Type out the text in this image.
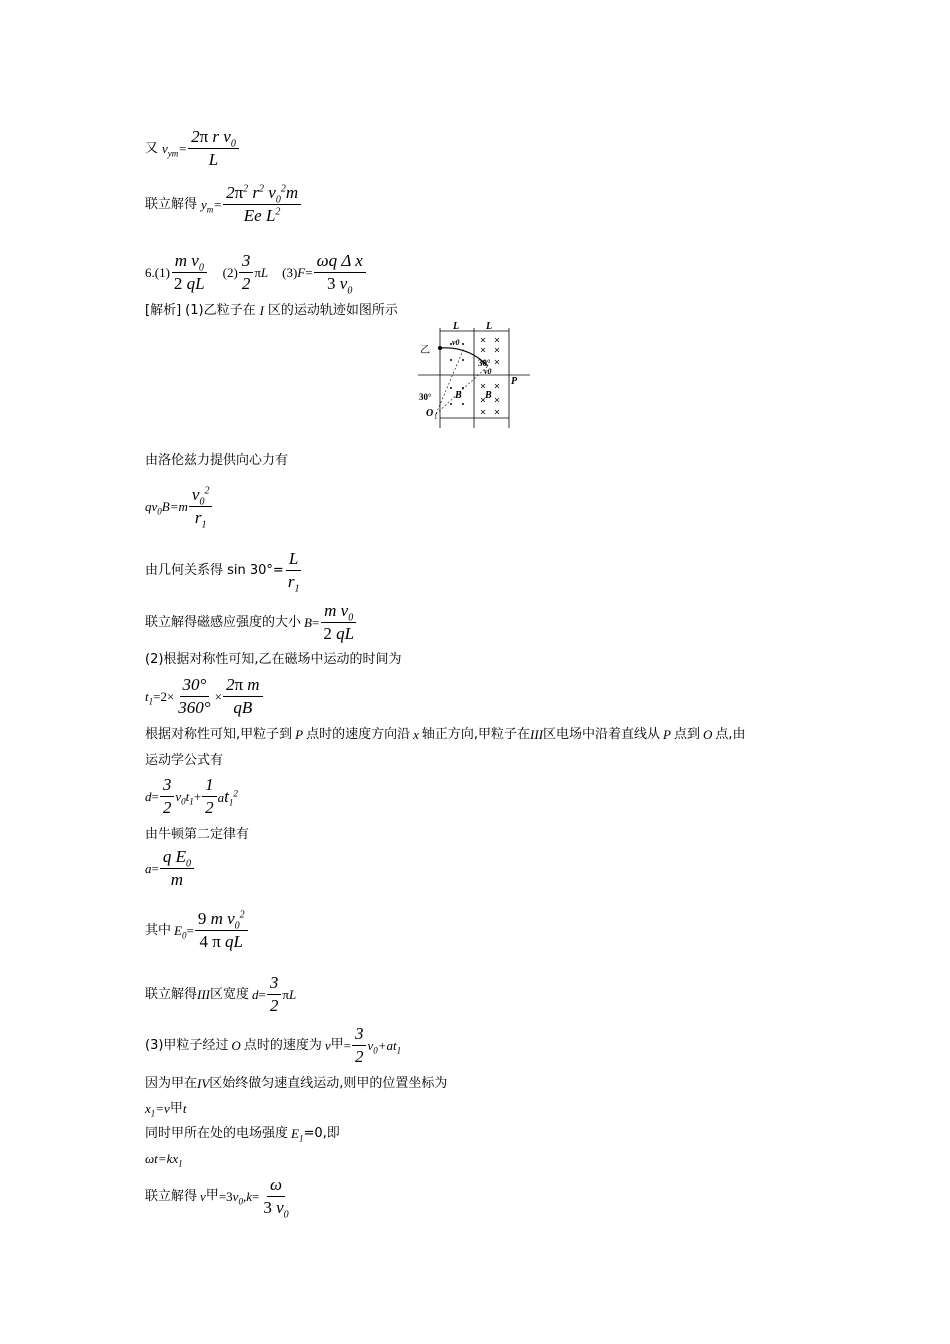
又 $v_{ym}= \frac{2\pi r v_0}{L}$
联立解得 $y_m= \frac{2\pi^2 r^2 v_0^2m}{Ee L^2}$
$6.(1) \frac{m v_0}{2 qL} (2) \frac{3}{2}$ πL (3) $F = \frac{\text{ωq Δ x}}{3 v_0}$
[解析] (1)乙粒子在 I 区的运动轨迹如图所示
L	L
乙
v0
30°
v0
P
B B
30°
O 1
由洛伦兹力提供向心力有
$qv_0B=m \frac{v_0^2}{r_1}$
由几何关系得 $\sin 30^\circ= \frac{L}{r_1}$
联立解得磁感应强度的大小 $B = \frac{m v_0}{2 qL}$
(2)根据对称性可知,乙在磁场中运动的时间为
$t_1 =2\times \frac{30^\circ}{360^\circ} \times \frac{\text{2π m}}{qB}$
根据对称性可知,甲粒子到 P 点时的速度方向沿 x 轴正方向,甲粒子在 III 区电场中沿着直线从 P 点到 O 点,由
运动学公式有
$d = \frac{3}{2} v_0t_1 + \frac{1}{2} at_1^2$
由牛顿第二定律有
$a = \frac{q E_0}{m}$
其中 $E_0 = \frac{9 m v_0^2}{\text{4 π qL}}$
联立解得 III 区宽度 $d = \frac{3}{2}$ πL
(3)甲粒子经过 O 点时的速度为 v 甲 = $\frac{3}{2} v_0+at_1$
因为甲在 IV 区始终做匀速直线运动,则甲的位置坐标为
$x_1=v$ 甲 t
同时甲所在处的电场强度 $E_1 =0$,即
$\omega t=kx_1$
联立解得 v 甲 =3 $v_0,k = \frac{\omega}{3 v_0}$
